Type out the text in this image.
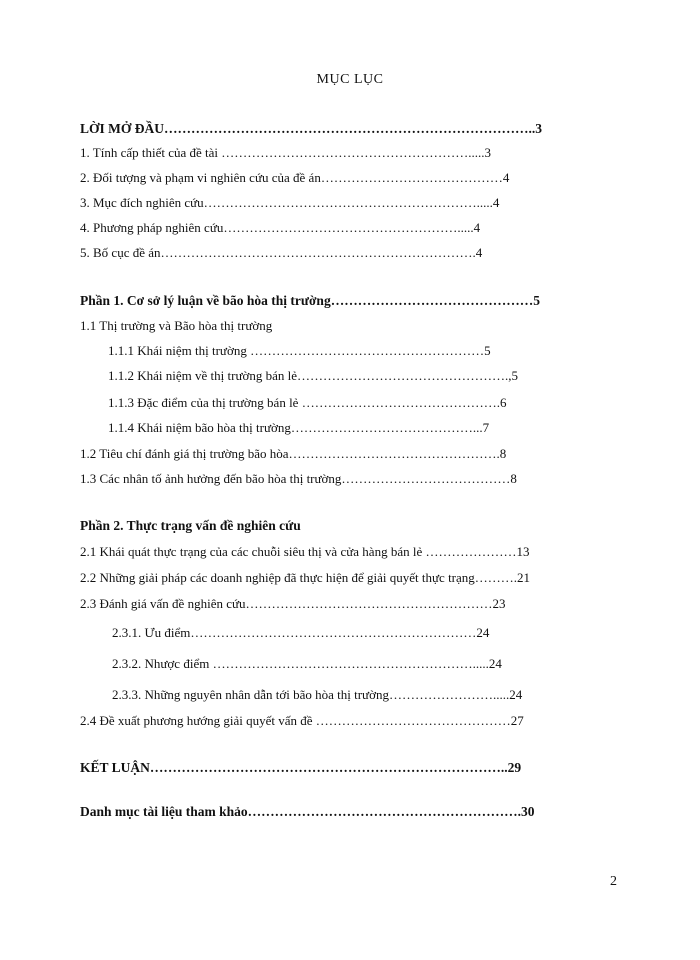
MỤC LỤC
LỜI MỞ ĐẦU………………………………………………………………………..3
1. Tính cấp thiết của đề tài ………………………………………………….....3
2. Đối tượng và phạm vi nghiên cứu của đề án……………………………………4
3. Mục đích nghiên cứu……………………………………………………….....4
4. Phương pháp nghiên cứu……………………………………………….....4
5. Bố cục đề án……………………………………………………………….4
Phần 1. Cơ sở lý luận về bão hòa thị trường………………………………………5
1.1 Thị trường và Bão hòa thị trường
1.1.1 Khái niệm thị trường ………………………………………………5
1.1.2 Khái niệm về thị trường bán lẻ………………………………………….,5
1.1.3 Đặc điểm của thị trường bán lẻ ……………………………………….6
1.1.4 Khái niệm bão hòa thị trường……………………………………...7
1.2 Tiêu chí đánh giá thị trường bão hòa………………………………………….8
1.3 Các nhân tố ảnh hưởng đến bão hòa thị trường…………………………………8
Phần 2. Thực trạng vấn đề nghiên cứu
2.1 Khái quát thực trạng của các chuỗi siêu thị và cửa hàng bán lẻ …………………13
2.2 Những giải pháp các doanh nghiệp đã thực hiện để giải quyết thực trạng……….21
2.3 Đánh giá vấn đề nghiên cứu…………………………………………………23
2.3.1. Ưu điểm…………………………………………………………24
2.3.2. Nhược điểm …………………………………………………….....24
2.3.3. Những nguyên nhân dẫn tới bão hòa thị trường…………………….....24
2.4 Đề xuất phương hướng giải quyết vấn đề ………………………………………27
KẾT LUẬN……………………………………………………………………..29
Danh mục tài liệu tham khảo…………………………………………………….30
2
